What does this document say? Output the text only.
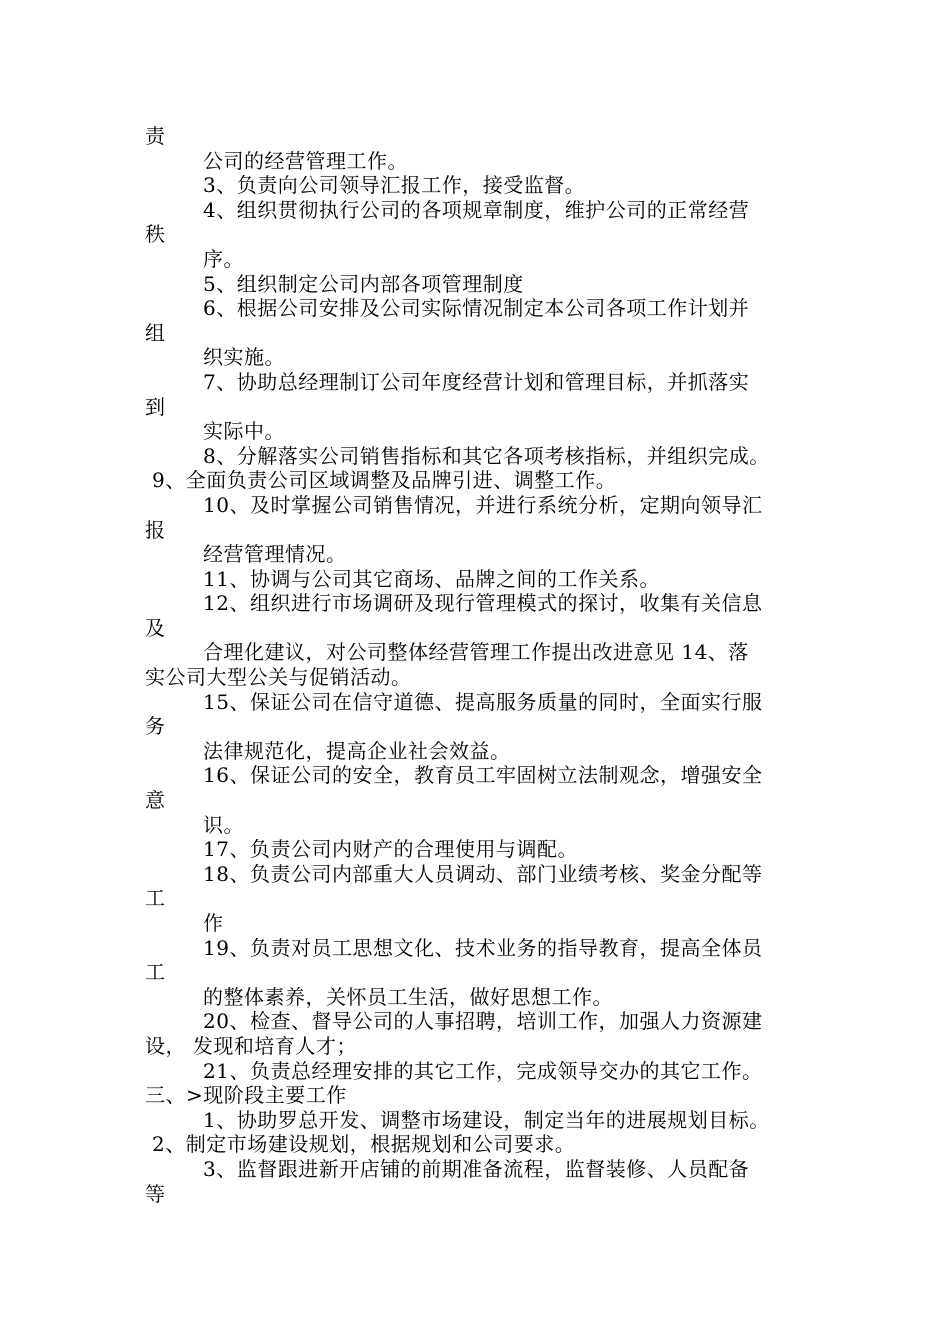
责
公司的经营管理工作。
3、负责向公司领导汇报工作，接受监督。
4、组织贯彻执行公司的各项规章制度，维护公司的正常经营
秩
序。
5、组织制定公司内部各项管理制度
6、根据公司安排及公司实际情况制定本公司各项工作计划并
组
织实施。
7、协助总经理制订公司年度经营计划和管理目标，并抓落实
到
实际中。
8、分解落实公司销售指标和其它各项考核指标，并组织完成。
9、全面负责公司区域调整及品牌引进、调整工作。
10、及时掌握公司销售情况，并进行系统分析，定期向领导汇
报
经营管理情况。
11、协调与公司其它商场、品牌之间的工作关系。
12、组织进行市场调研及现行管理模式的探讨，收集有关信息
及
合理化建议，对公司整体经营管理工作提出改进意见 14、落
实公司大型公关与促销活动。
15、保证公司在信守道德、提高服务质量的同时，全面实行服
务
法律规范化，提高企业社会效益。
16、保证公司的安全，教育员工牢固树立法制观念，增强安全
意
识。
17、负责公司内财产的合理使用与调配。
18、负责公司内部重大人员调动、部门业绩考核、奖金分配等
工
作
19、负责对员工思想文化、技术业务的指导教育，提高全体员
工
的整体素养，关怀员工生活，做好思想工作。
20、检查、督导公司的人事招聘，培训工作，加强人力资源建
设， 发现和培育人才；
21、负责总经理安排的其它工作，完成领导交办的其它工作。
三、>现阶段主要工作
1、协助罗总开发、调整市场建设，制定当年的进展规划目标。
2、制定市场建设规划，根据规划和公司要求。
3、监督跟进新开店铺的前期准备流程，监督装修、人员配备
等
